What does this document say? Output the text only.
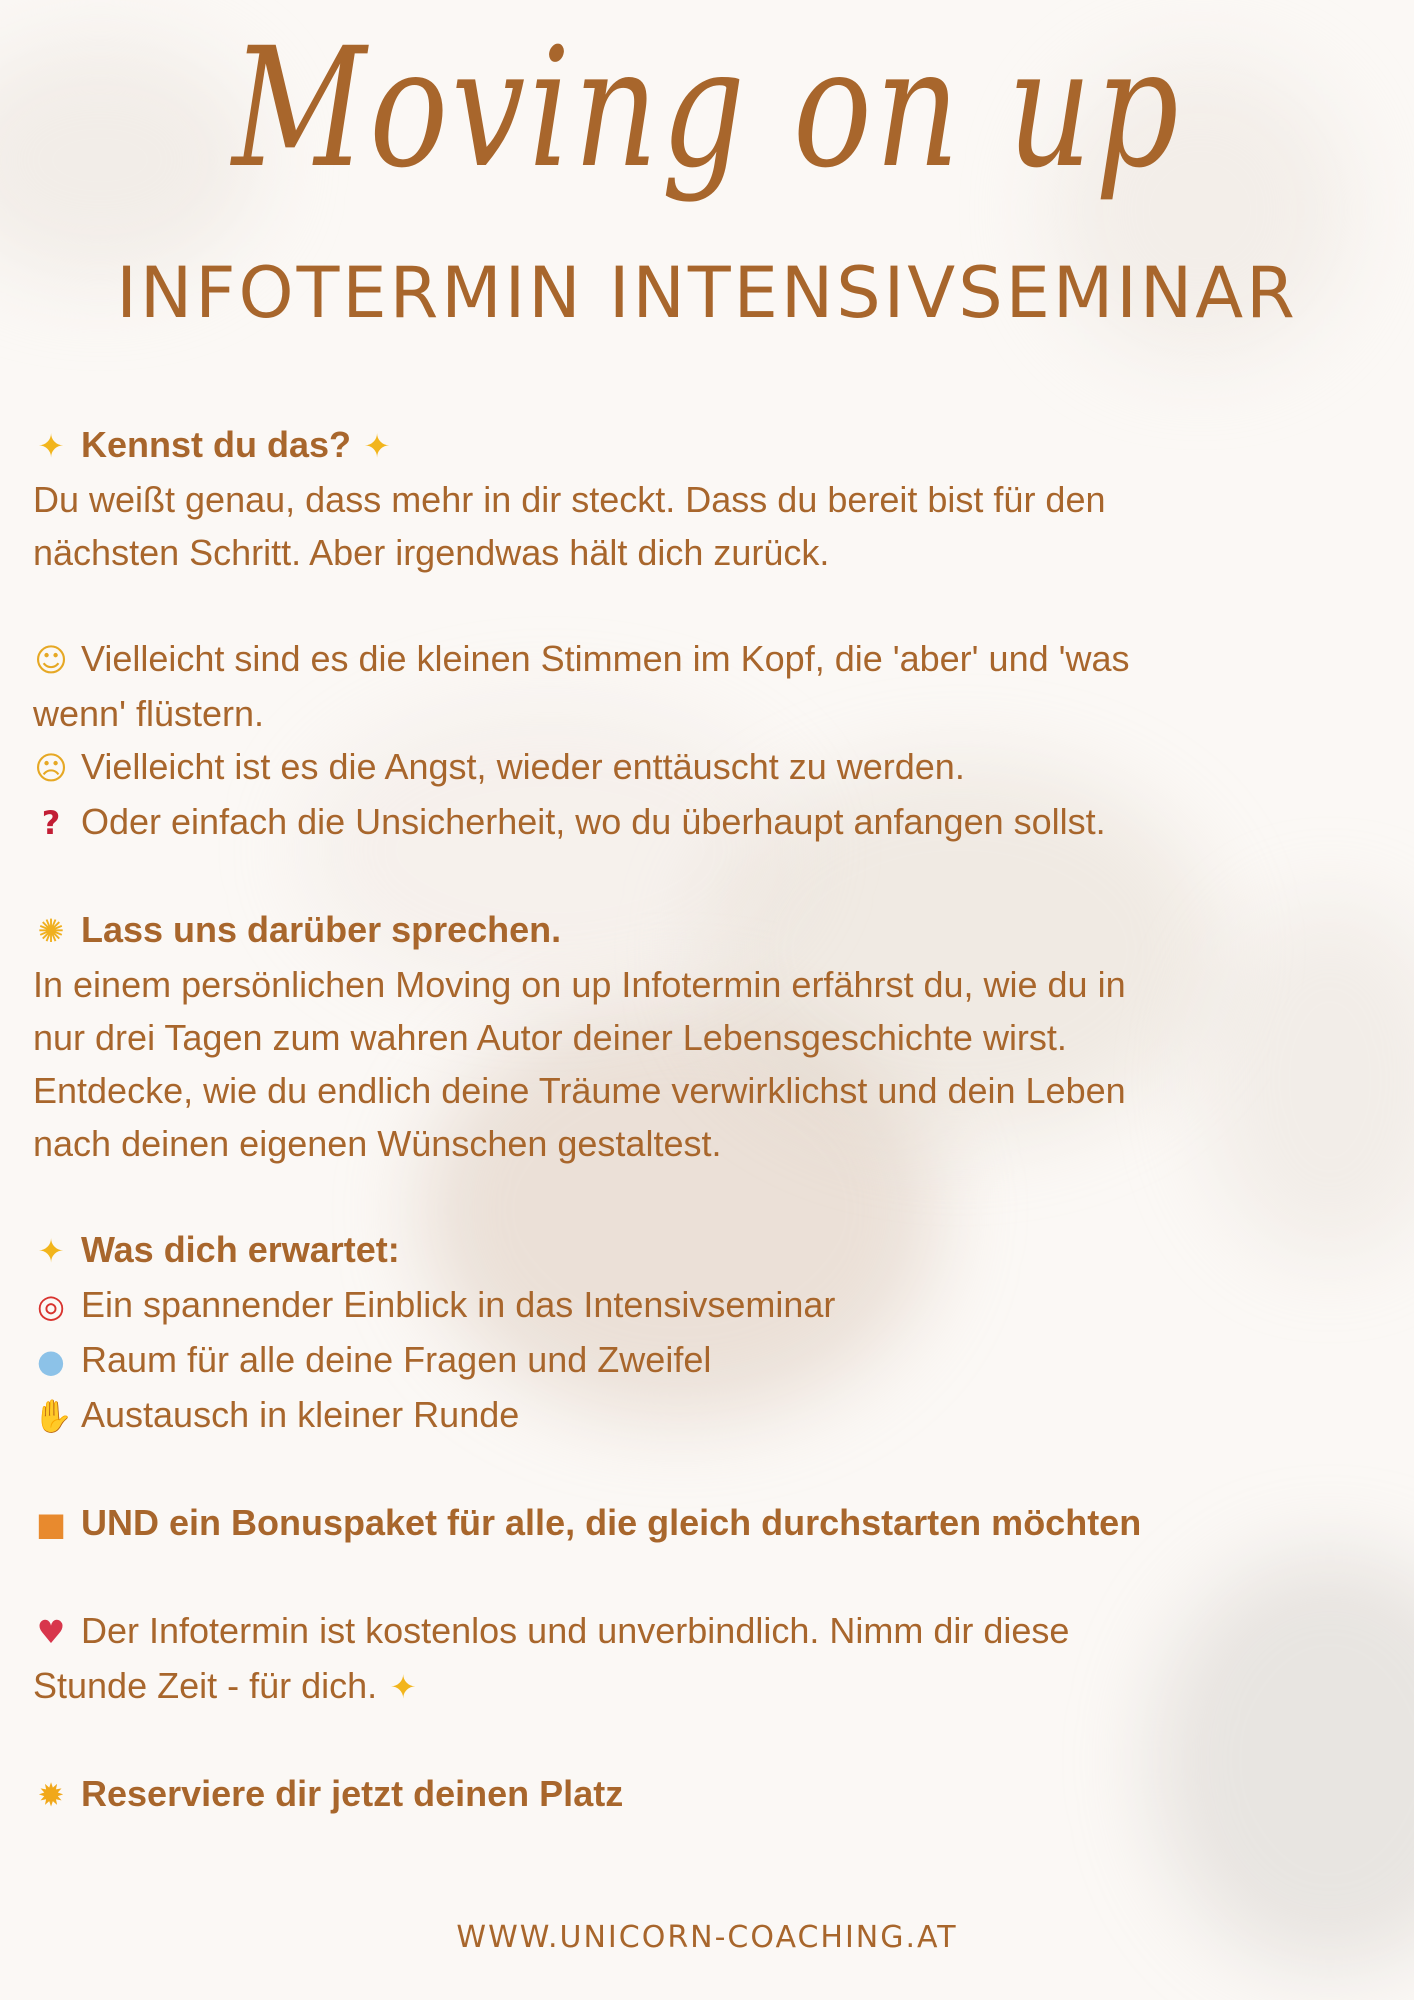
Moving on up
INFOTERMIN INTENSIVSEMINAR
✦ Kennst du das? ✦
Du weißt genau, dass mehr in dir steckt. Dass du bereit bist für den
nächsten Schritt. Aber irgendwas hält dich zurück.
☺ Vielleicht sind es die kleinen Stimmen im Kopf, die 'aber' und 'was
wenn' flüstern.
☹ Vielleicht ist es die Angst, wieder enttäuscht zu werden.
? Oder einfach die Unsicherheit, wo du überhaupt anfangen sollst.
✺ Lass uns darüber sprechen.
In einem persönlichen Moving on up Infotermin erfährst du, wie du in
nur drei Tagen zum wahren Autor deiner Lebensgeschichte wirst.
Entdecke, wie du endlich deine Träume verwirklichst und dein Leben
nach deinen eigenen Wünschen gestaltest.
✦ Was dich erwartet:
◎ Ein spannender Einblick in das Intensivseminar
● Raum für alle deine Fragen und Zweifel
✋ Austausch in kleiner Runde
■ UND ein Bonuspaket für alle, die gleich durchstarten möchten
♥ Der Infotermin ist kostenlos und unverbindlich. Nimm dir diese
Stunde Zeit - für dich. ✦
✹ Reserviere dir jetzt deinen Platz
WWW.UNICORN-COACHING.AT
